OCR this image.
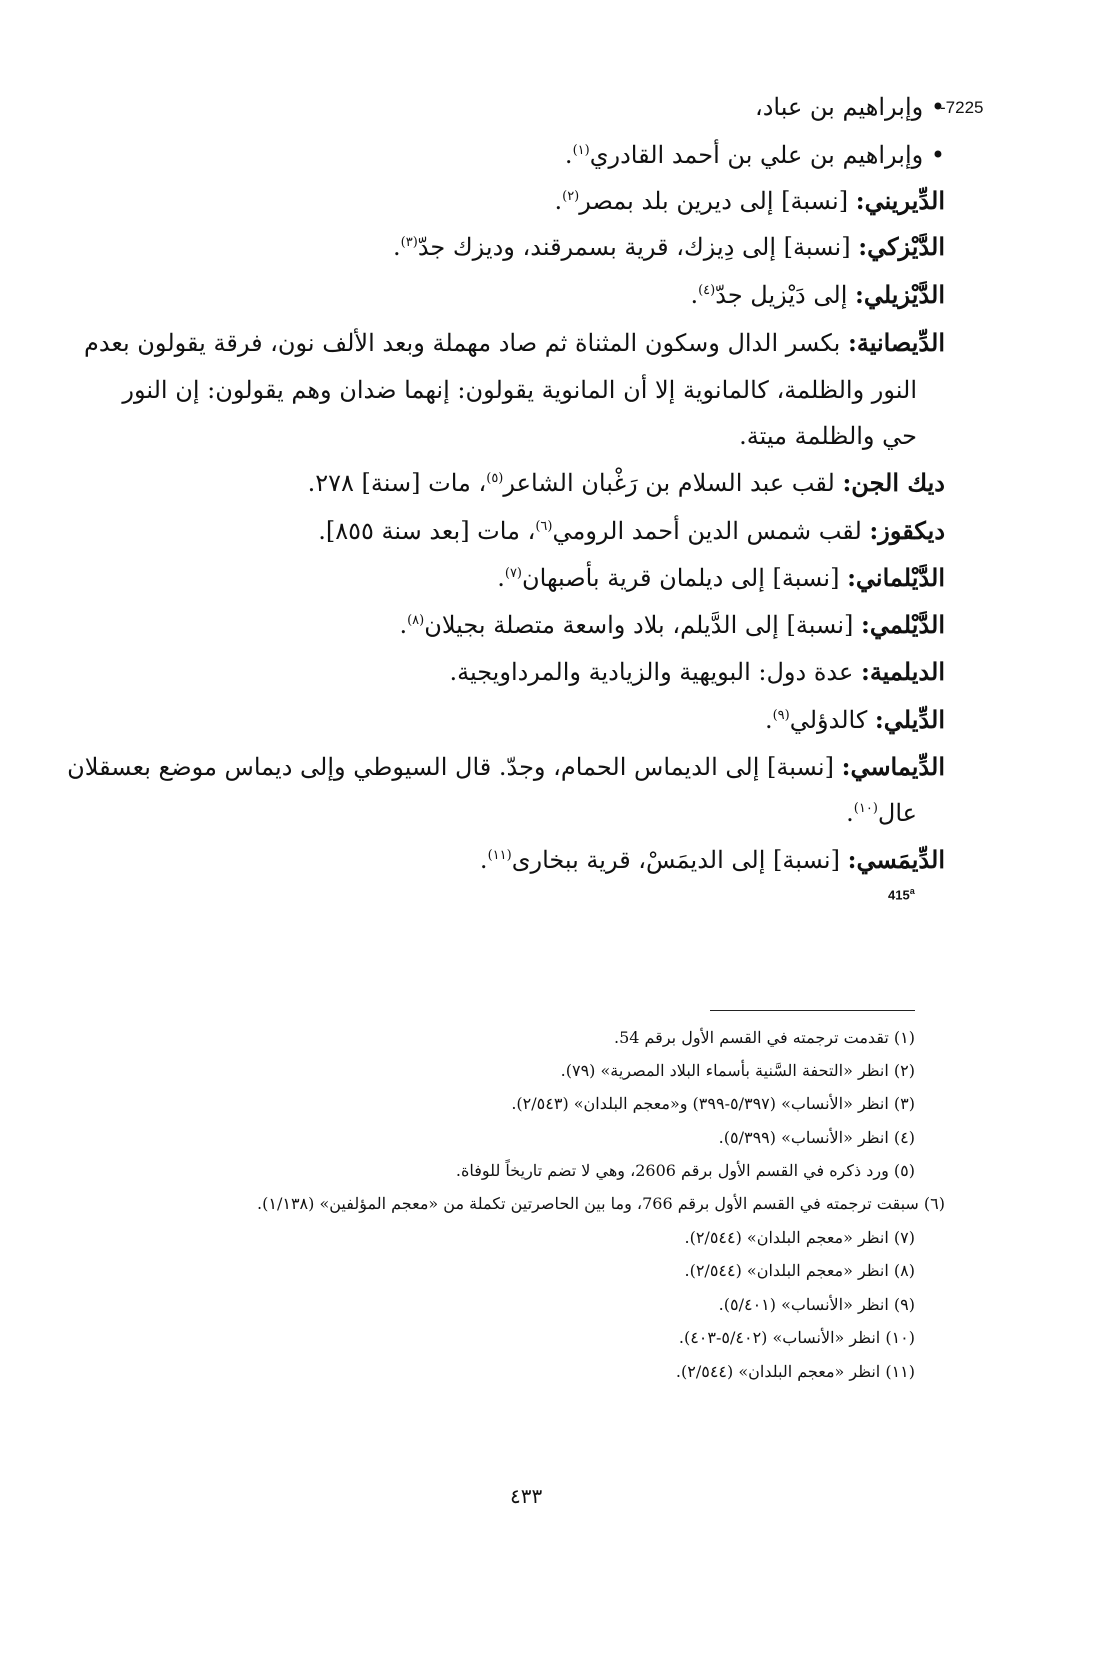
-7225
• وإبراهيم بن عباد،
• وإبراهيم بن علي بن أحمد القادري$^{(١)}$.
الدِّيريني: [نسبة] إلى ديرين بلد بمصر$^{(٢)}$.
الدَّيْزكي: [نسبة] إلى دِيزك، قرية بسمرقند، وديزك جدّ$^{(٣)}$.
الدَّيْزيلي: إلى دَيْزيل جدّ$^{(٤)}$.
الدِّيصانية: بكسر الدال وسكون المثناة ثم صاد مهملة وبعد الألف نون، فرقة يقولون بعدم
النور والظلمة، كالمانوية إلا أن المانوية يقولون: إنهما ضدان وهم يقولون: إن النور
حي والظلمة ميتة.
ديك الجن: لقب عبد السلام بن رَغْبان الشاعر$^{(٥)}$، مات [سنة] ٢٧٨.
ديكقوز: لقب شمس الدين أحمد الرومي$^{(٦)}$، مات [بعد سنة ٨٥٥].
الدَّيْلماني: [نسبة] إلى ديلمان قرية بأصبهان$^{(٧)}$.
الدَّيْلمي: [نسبة] إلى الدَّيلم، بلاد واسعة متصلة بجيلان$^{(٨)}$.
الديلمية: عدة دول: البويهية والزيادية والمرداويجية.
الدِّيلي: كالدؤلي$^{(٩)}$.
الدِّيماسي: [نسبة] إلى الديماس الحمام، وجدّ. قال السيوطي وإلى ديماس موضع بعسقلان
عال$^{(١٠)}$.
الدِّيمَسي: [نسبة] إلى الديمَسْ، قرية ببخارى$^{(١١)}$.
415$^a$
(١) تقدمت ترجمته في القسم الأول برقم 54.
(٢) انظر «التحفة السَّنية بأسماء البلاد المصرية» (٧٩).
(٣) انظر «الأنساب» (٥/٣٩٧-٣٩٩) و«معجم البلدان» (٢/٥٤٣).
(٤) انظر «الأنساب» (٥/٣٩٩).
(٥) ورد ذكره في القسم الأول برقم 2606، وهي لا تضم تاريخاً للوفاة.
(٦) سبقت ترجمته في القسم الأول برقم 766، وما بين الحاصرتين تكملة من «معجم المؤلفين» (١/١٣٨).
(٧) انظر «معجم البلدان» (٢/٥٤٤).
(٨) انظر «معجم البلدان» (٢/٥٤٤).
(٩) انظر «الأنساب» (٥/٤٠١).
(١٠) انظر «الأنساب» (٥/٤٠٢-٤٠٣).
(١١) انظر «معجم البلدان» (٢/٥٤٤).
٤٣٣
